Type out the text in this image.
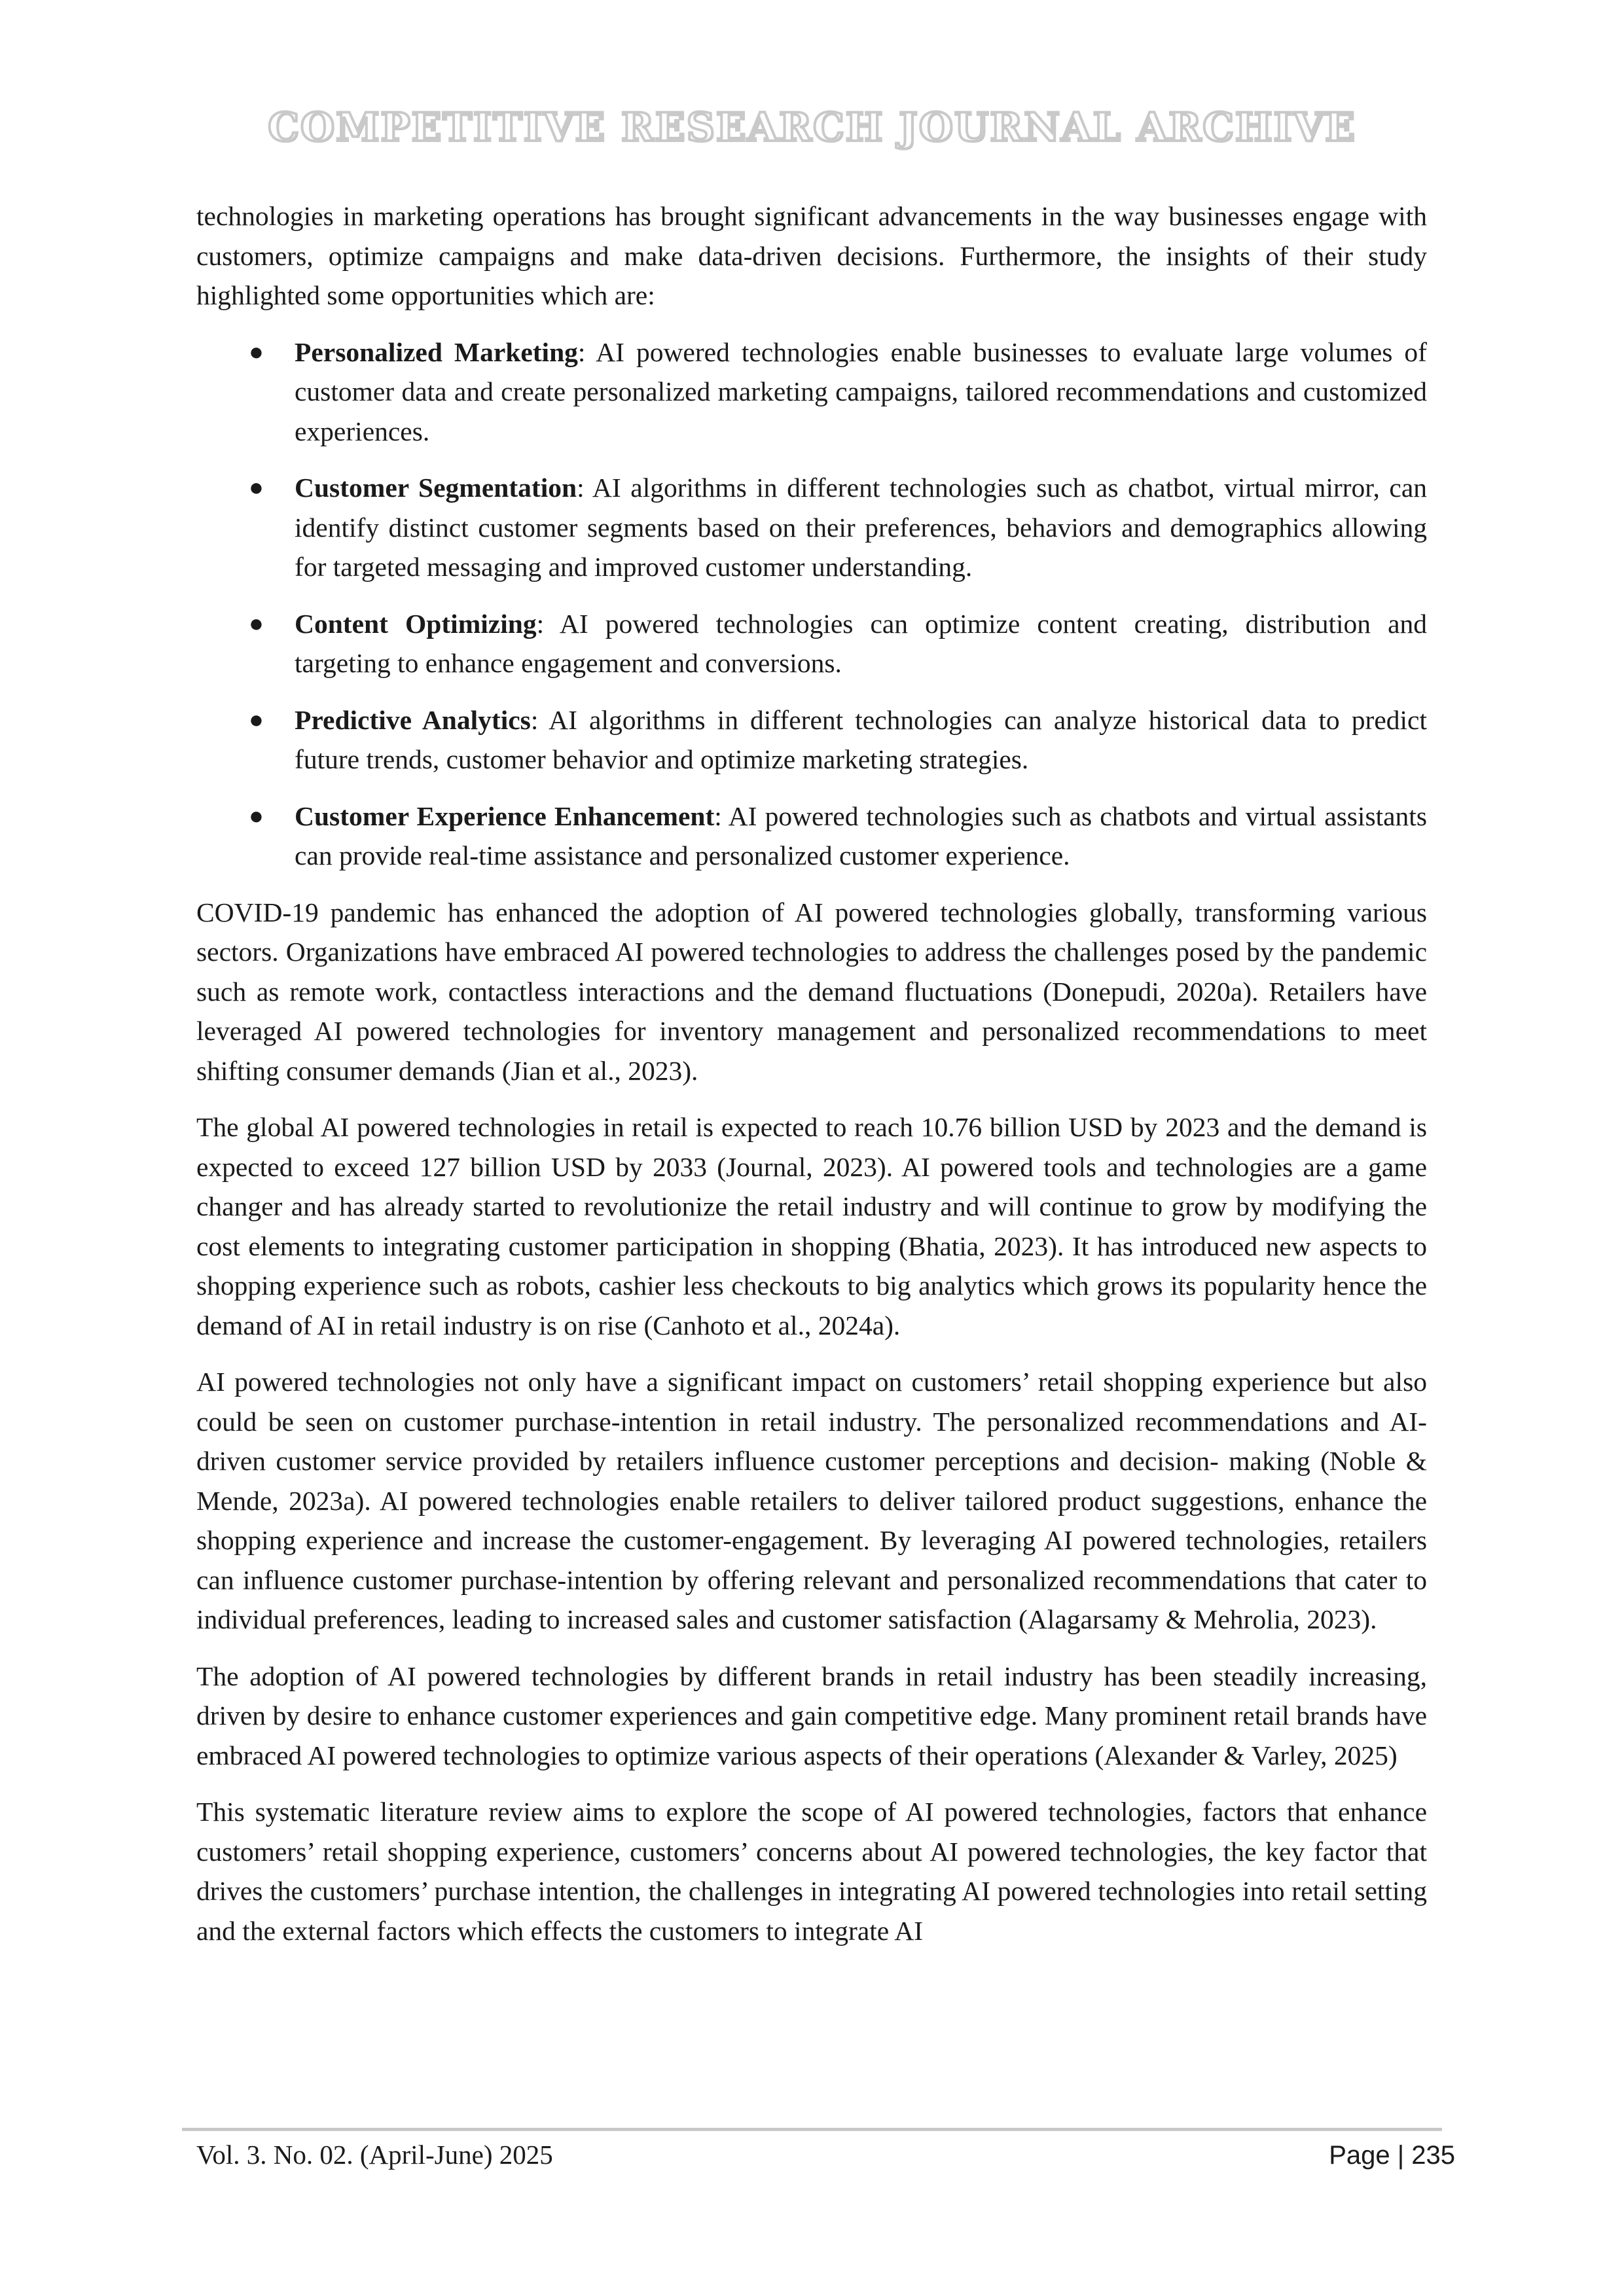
COMPETITIVE RESEARCH JOURNAL ARCHIVE

technologies in marketing operations has brought significant advancements in the way businesses engage with customers, optimize campaigns and make data-driven decisions. Furthermore, the insights of their study highlighted some opportunities which are:

● Personalized Marketing: AI powered technologies enable businesses to evaluate large volumes of customer data and create personalized marketing campaigns, tailored recommendations and customized experiences.
● Customer Segmentation: AI algorithms in different technologies such as chatbot, virtual mirror, can identify distinct customer segments based on their preferences, behaviors and demographics allowing for targeted messaging and improved customer understanding.
● Content Optimizing: AI powered technologies can optimize content creating, distribution and targeting to enhance engagement and conversions.
● Predictive Analytics: AI algorithms in different technologies can analyze historical data to predict future trends, customer behavior and optimize marketing strategies.
● Customer Experience Enhancement: AI powered technologies such as chatbots and virtual assistants can provide real-time assistance and personalized customer experience.

COVID-19 pandemic has enhanced the adoption of AI powered technologies globally, transforming various sectors. Organizations have embraced AI powered technologies to address the challenges posed by the pandemic such as remote work, contactless interactions and the demand fluctuations (Donepudi, 2020a). Retailers have leveraged AI powered technologies for inventory management and personalized recommendations to meet shifting consumer demands (Jian et al., 2023).

The global AI powered technologies in retail is expected to reach 10.76 billion USD by 2023 and the demand is expected to exceed 127 billion USD by 2033 (Journal, 2023). AI powered tools and technologies are a game changer and has already started to revolutionize the retail industry and will continue to grow by modifying the cost elements to integrating customer participation in shopping (Bhatia, 2023). It has introduced new aspects to shopping experience such as robots, cashier less checkouts to big analytics which grows its popularity hence the demand of AI in retail industry is on rise (Canhoto et al., 2024a).

AI powered technologies not only have a significant impact on customers’ retail shopping experience but also could be seen on customer purchase-intention in retail industry. The personalized recommendations and AI-driven customer service provided by retailers influence customer perceptions and decision- making (Noble & Mende, 2023a). AI powered technologies enable retailers to deliver tailored product suggestions, enhance the shopping experience and increase the customer-engagement. By leveraging AI powered technologies, retailers can influence customer purchase-intention by offering relevant and personalized recommendations that cater to individual preferences, leading to increased sales and customer satisfaction (Alagarsamy & Mehrolia, 2023).

The adoption of AI powered technologies by different brands in retail industry has been steadily increasing, driven by desire to enhance customer experiences and gain competitive edge. Many prominent retail brands have embraced AI powered technologies to optimize various aspects of their operations (Alexander & Varley, 2025)

This systematic literature review aims to explore the scope of AI powered technologies, factors that enhance customers’ retail shopping experience, customers’ concerns about AI powered technologies, the key factor that drives the customers’ purchase intention, the challenges in integrating AI powered technologies into retail setting and the external factors which effects the customers to integrate AI

Vol. 3. No. 02. (April-June) 2025	Page | 235
